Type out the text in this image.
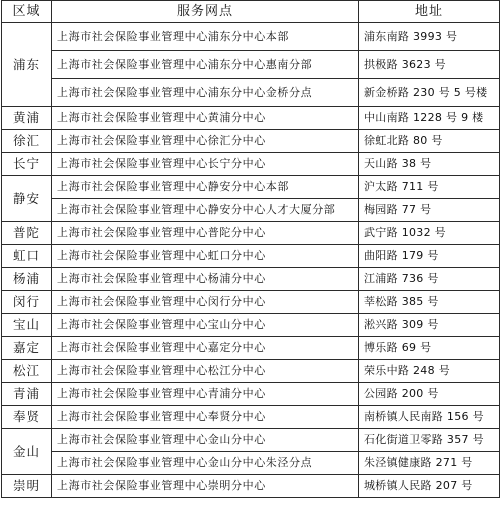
区域	服务网点	地址
浦东	上海市社会保险事业管理中心浦东分中心本部	浦东南路 3993 号
	上海市社会保险事业管理中心浦东分中心惠南分部	拱极路 3623 号
	上海市社会保险事业管理中心浦东分中心金桥分点	新金桥路 230 号 5 号楼
黄浦	上海市社会保险事业管理中心黄浦分中心	中山南路 1228 号 9 楼
徐汇	上海市社会保险事业管理中心徐汇分中心	徐虹北路 80 号
长宁	上海市社会保险事业管理中心长宁分中心	天山路 38 号
静安	上海市社会保险事业管理中心静安分中心本部	沪太路 711 号
	上海市社会保险事业管理中心静安分中心人才大厦分部	梅园路 77 号
普陀	上海市社会保险事业管理中心普陀分中心	武宁路 1032 号
虹口	上海市社会保险事业管理中心虹口分中心	曲阳路 179 号
杨浦	上海市社会保险事业管理中心杨浦分中心	江浦路 736 号
闵行	上海市社会保险事业管理中心闵行分中心	莘松路 385 号
宝山	上海市社会保险事业管理中心宝山分中心	淞兴路 309 号
嘉定	上海市社会保险事业管理中心嘉定分中心	博乐路 69 号
松江	上海市社会保险事业管理中心松江分中心	荣乐中路 248 号
青浦	上海市社会保险事业管理中心青浦分中心	公园路 200 号
奉贤	上海市社会保险事业管理中心奉贤分中心	南桥镇人民南路 156 号
金山	上海市社会保险事业管理中心金山分中心	石化街道卫零路 357 号
	上海市社会保险事业管理中心金山分中心朱泾分点	朱泾镇健康路 271 号
崇明	上海市社会保险事业管理中心崇明分中心	城桥镇人民路 207 号
